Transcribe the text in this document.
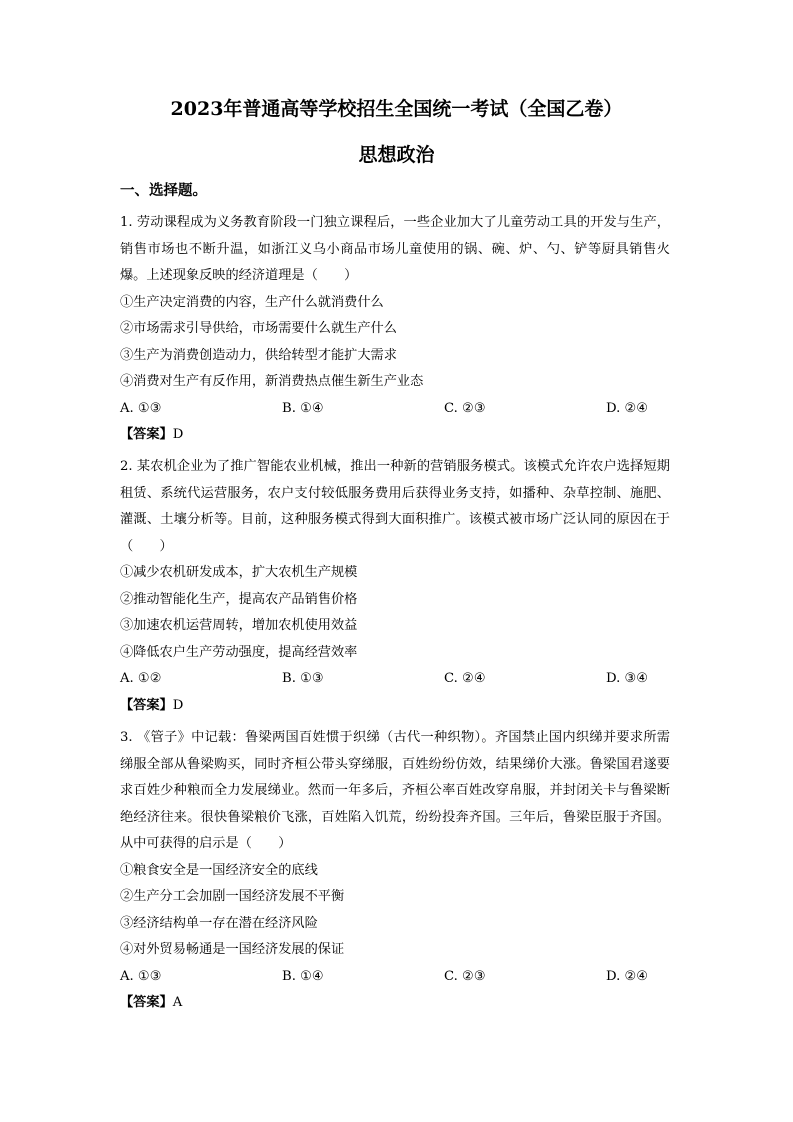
2023年普通高等学校招生全国统一考试（全国乙卷）
思想政治
一、选择题。
1. 劳动课程成为义务教育阶段一门独立课程后，一些企业加大了儿童劳动工具的开发与生产，销售市场也不断升温，如浙江义乌小商品市场儿童使用的锅、碗、炉、勺、铲等厨具销售火爆。上述现象反映的经济道理是（　　）
①生产决定消费的内容，生产什么就消费什么
②市场需求引导供给，市场需要什么就生产什么
③生产为消费创造动力，供给转型才能扩大需求
④消费对生产有反作用，新消费热点催生新生产业态
A. ①③	B. ①④	C. ②③	D. ②④
【答案】D
2. 某农机企业为了推广智能农业机械，推出一种新的营销服务模式。该模式允许农户选择短期租赁、系统代运营服务，农户支付较低服务费用后获得业务支持，如播种、杂草控制、施肥、灌溉、土壤分析等。目前，这种服务模式得到大面积推广。该模式被市场广泛认同的原因在于（　　）
①减少农机研发成本，扩大农机生产规模
②推动智能化生产，提高农产品销售价格
③加速农机运营周转，增加农机使用效益
④降低农户生产劳动强度，提高经营效率
A. ①②	B. ①③	C. ②④	D. ③④
【答案】D
3. 《管子》中记载：鲁梁两国百姓惯于织绨（古代一种织物）。齐国禁止国内织绨并要求所需绨服全部从鲁梁购买，同时齐桓公带头穿绨服，百姓纷纷仿效，结果绨价大涨。鲁梁国君遂要求百姓少种粮而全力发展绨业。然而一年多后，齐桓公率百姓改穿帛服，并封闭关卡与鲁梁断绝经济往来。很快鲁梁粮价飞涨，百姓陷入饥荒，纷纷投奔齐国。三年后，鲁梁臣服于齐国。从中可获得的启示是（　　）
①粮食安全是一国经济安全的底线
②生产分工会加剧一国经济发展不平衡
③经济结构单一存在潜在经济风险
④对外贸易畅通是一国经济发展的保证
A. ①③	B. ①④	C. ②③	D. ②④
【答案】A
